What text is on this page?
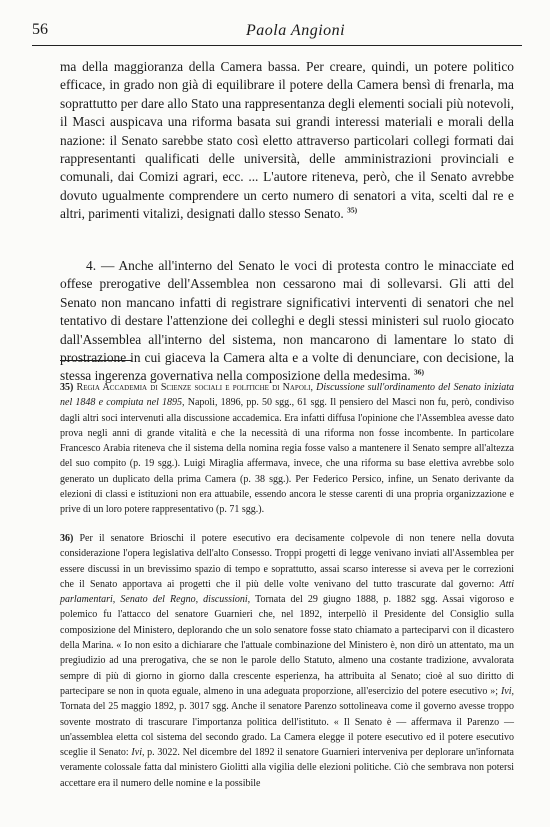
56	Paola Angioni
ma della maggioranza della Camera bassa. Per creare, quindi, un potere politico efficace, in grado non già di equilibrare il potere della Camera bensì di frenarla, ma soprattutto per dare allo Stato una rappresentanza degli elementi sociali più notevoli, il Masci auspicava una riforma basata sui grandi interessi materiali e morali della nazione: il Senato sarebbe stato così eletto attraverso particolari collegi formati dai rappresentanti qualificati delle università, delle amministrazioni provinciali e comunali, dai Comizi agrari, ecc. ... L'autore riteneva, però, che il Senato avrebbe dovuto ugualmente comprendere un certo numero di senatori a vita, scelti dal re e altri, parimenti vitalizi, designati dallo stesso Senato. $^{35)}$
4. — Anche all'interno del Senato le voci di protesta contro le minacciate ed offese prerogative dell'Assemblea non cessarono mai di sollevarsi. Gli atti del Senato non mancano infatti di registrare significativi interventi di senatori che nel tentativo di destare l'attenzione dei colleghi e degli stessi ministeri sul ruolo giocato dall'Assemblea all'interno del sistema, non mancarono di lamentare lo stato di prostrazione in cui giaceva la Camera alta e a volte di denunciare, con decisione, la stessa ingerenza governativa nella composizione della medesima. $^{36)}$
35) Regia Accademia di Scienze sociali e politiche di Napoli, Discussione sull'ordinamento del Senato iniziata nel 1848 e compiuta nel 1895, Napoli, 1896, pp. 50 sgg., 61 sgg. Il pensiero del Masci non fu, però, condiviso dagli altri soci intervenuti alla discussione accademica. Era infatti diffusa l'opinione che l'Assemblea avesse dato prova negli anni di grande vitalità e che la necessità di una riforma non fosse incombente. In particolare Francesco Arabia riteneva che il sistema della nomina regia fosse valso a mantenere il Senato sempre all'altezza del suo compito (p. 19 sgg.). Luigi Miraglia affermava, invece, che una riforma su base elettiva avrebbe solo generato un duplicato della prima Camera (p. 38 sgg.). Per Federico Persico, infine, un Senato derivante da elezioni di classi e istituzioni non era attuabile, essendo ancora le stesse carenti di una propria organizzazione e prive di un loro potere rappresentativo (p. 71 sgg.).
36) Per il senatore Brioschi il potere esecutivo era decisamente colpevole di non tenere nella dovuta considerazione l'opera legislativa dell'alto Consesso. Troppi progetti di legge venivano inviati all'Assemblea per essere discussi in un brevissimo spazio di tempo e soprattutto, assai scarso interesse si aveva per le correzioni che il Senato apportava ai progetti che il più delle volte venivano del tutto trascurate dal governo: Atti parlamentari, Senato del Regno, discussioni, Tornata del 29 giugno 1888, p. 1882 sgg. Assai vigoroso e polemico fu l'attacco del senatore Guarnieri che, nel 1892, interpellò il Presidente del Consiglio sulla composizione del Ministero, deplorando che un solo senatore fosse stato chiamato a parteciparvi con il dicastero della Marina. « Io non esito a dichiarare che l'attuale combinazione del Ministero è, non dirò un attentato, ma un pregiudizio ad una prerogativa, che se non le parole dello Statuto, almeno una costante tradizione, avvalorata sempre di più di giorno in giorno dalla crescente esperienza, ha attribuita al Senato; cioè al suo diritto di partecipare se non in quota eguale, almeno in una adeguata proporzione, all'esercizio del potere esecutivo »; Ivi, Tornata del 25 maggio 1892, p. 3017 sgg. Anche il senatore Parenzo sottolineava come il governo avesse troppo sovente mostrato di trascurare l'importanza politica dell'istituto. « Il Senato è — affermava il Parenzo — un'assemblea eletta col sistema del secondo grado. La Camera elegge il potere esecutivo ed il potere esecutivo sceglie il Senato: Ivi, p. 3022. Nel dicembre del 1892 il senatore Guarnieri interveniva per deplorare un'infornata veramente colossale fatta dal ministero Giolitti alla vigilia delle elezioni politiche. Ciò che sembrava non potersi accettare era il numero delle nomine e la possibile
